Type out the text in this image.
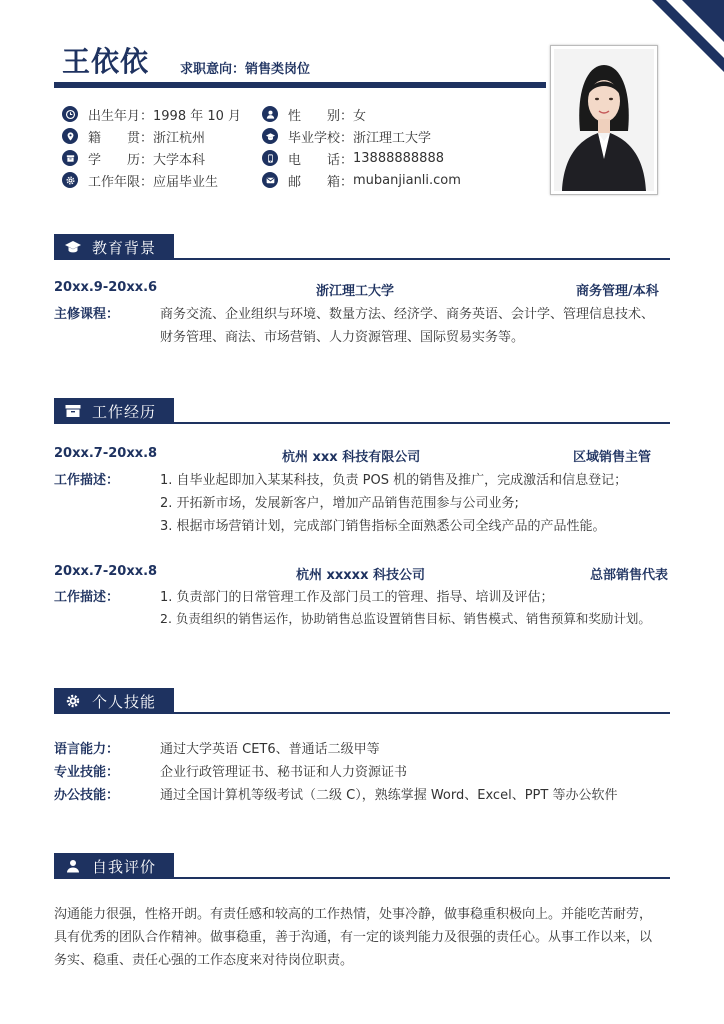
王依依 求职意向：销售类岗位
出生年月： 1998 年 10 月
籍　　贯： 浙江杭州
学　　历： 大学本科
工作年限： 应届毕业生
性　　别： 女
毕业学校： 浙江理工大学
电　　话： 13888888888
邮　　箱： mubanjianli.com
教育背景
20xx.9-20xx.6	浙江理工大学	商务管理/本科
主修课程：	商务交流、企业组织与环境、数量方法、经济学、商务英语、会计学、管理信息技术、
财务管理、商法、市场营销、人力资源管理、国际贸易实务等。
工作经历
20xx.7-20xx.8	杭州 xxx 科技有限公司	区域销售主管
工作描述：	1. 自毕业起即加入某某科技，负责 POS 机的销售及推广，完成激活和信息登记；
2. 开拓新市场，发展新客户，增加产品销售范围参与公司业务;
3. 根据市场营销计划，完成部门销售指标全面熟悉公司全线产品的产品性能。
20xx.7-20xx.8	杭州 xxxxx 科技公司	总部销售代表
工作描述：	1. 负责部门的日常管理工作及部门员工的管理、指导、培训及评估；
2. 负责组织的销售运作，协助销售总监设置销售目标、销售模式、销售预算和奖励计划。
个人技能
语言能力：	通过大学英语 CET6、普通话二级甲等
专业技能：	企业行政管理证书、秘书证和人力资源证书
办公技能：	通过全国计算机等级考试（二级 C），熟练掌握 Word、Excel、PPT 等办公软件
自我评价
沟通能力很强，性格开朗。有责任感和较高的工作热情，处事冷静，做事稳重积极向上。并能吃苦耐劳，
具有优秀的团队合作精神。做事稳重，善于沟通，有一定的谈判能力及很强的责任心。从事工作以来，以
务实、稳重、责任心强的工作态度来对待岗位职责。
